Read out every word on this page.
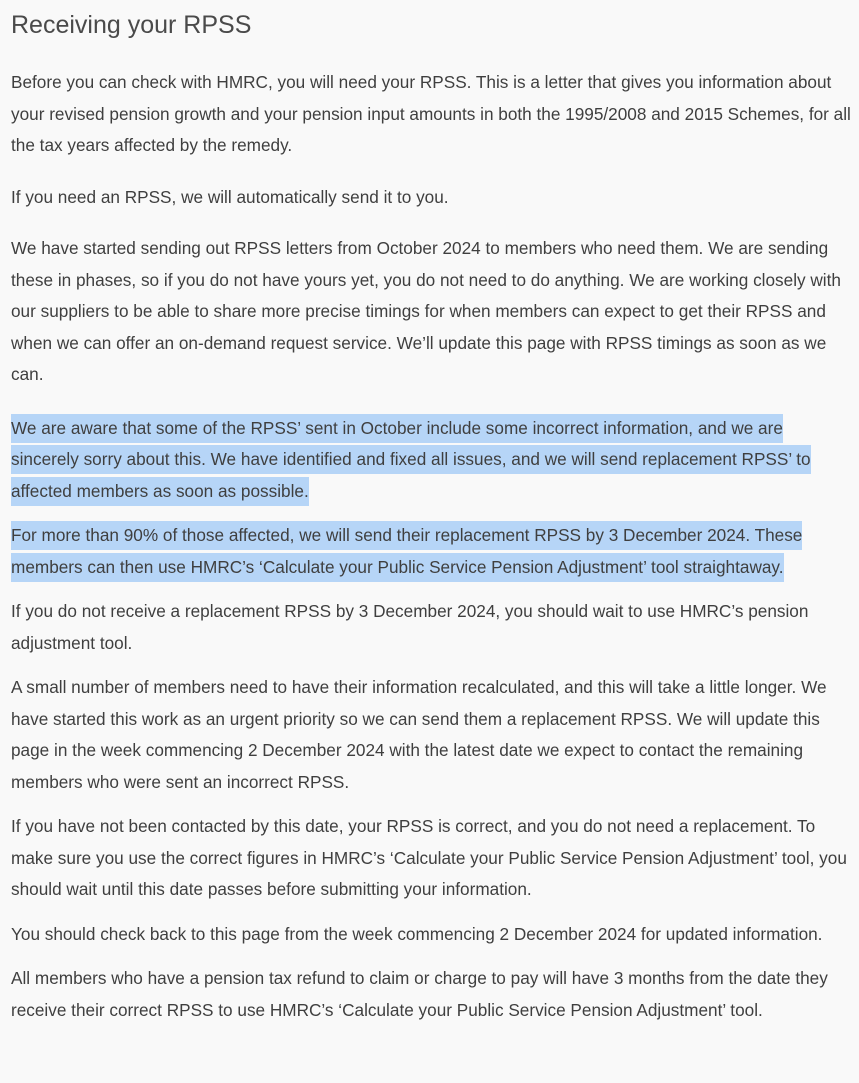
Receiving your RPSS

Before you can check with HMRC, you will need your RPSS. This is a letter that gives you information about your revised pension growth and your pension input amounts in both the 1995/2008 and 2015 Schemes, for all the tax years affected by the remedy.

If you need an RPSS, we will automatically send it to you.

We have started sending out RPSS letters from October 2024 to members who need them. We are sending these in phases, so if you do not have yours yet, you do not need to do anything. We are working closely with our suppliers to be able to share more precise timings for when members can expect to get their RPSS and when we can offer an on-demand request service. We’ll update this page with RPSS timings as soon as we can.

We are aware that some of the RPSS’ sent in October include some incorrect information, and we are sincerely sorry about this. We have identified and fixed all issues, and we will send replacement RPSS’ to affected members as soon as possible.

For more than 90% of those affected, we will send their replacement RPSS by 3 December 2024. These members can then use HMRC’s ‘Calculate your Public Service Pension Adjustment’ tool straightaway.

If you do not receive a replacement RPSS by 3 December 2024, you should wait to use HMRC’s pension adjustment tool.

A small number of members need to have their information recalculated, and this will take a little longer. We have started this work as an urgent priority so we can send them a replacement RPSS. We will update this page in the week commencing 2 December 2024 with the latest date we expect to contact the remaining members who were sent an incorrect RPSS.

If you have not been contacted by this date, your RPSS is correct, and you do not need a replacement. To make sure you use the correct figures in HMRC’s ‘Calculate your Public Service Pension Adjustment’ tool, you should wait until this date passes before submitting your information.

You should check back to this page from the week commencing 2 December 2024 for updated information.

All members who have a pension tax refund to claim or charge to pay will have 3 months from the date they receive their correct RPSS to use HMRC’s ‘Calculate your Public Service Pension Adjustment’ tool.
